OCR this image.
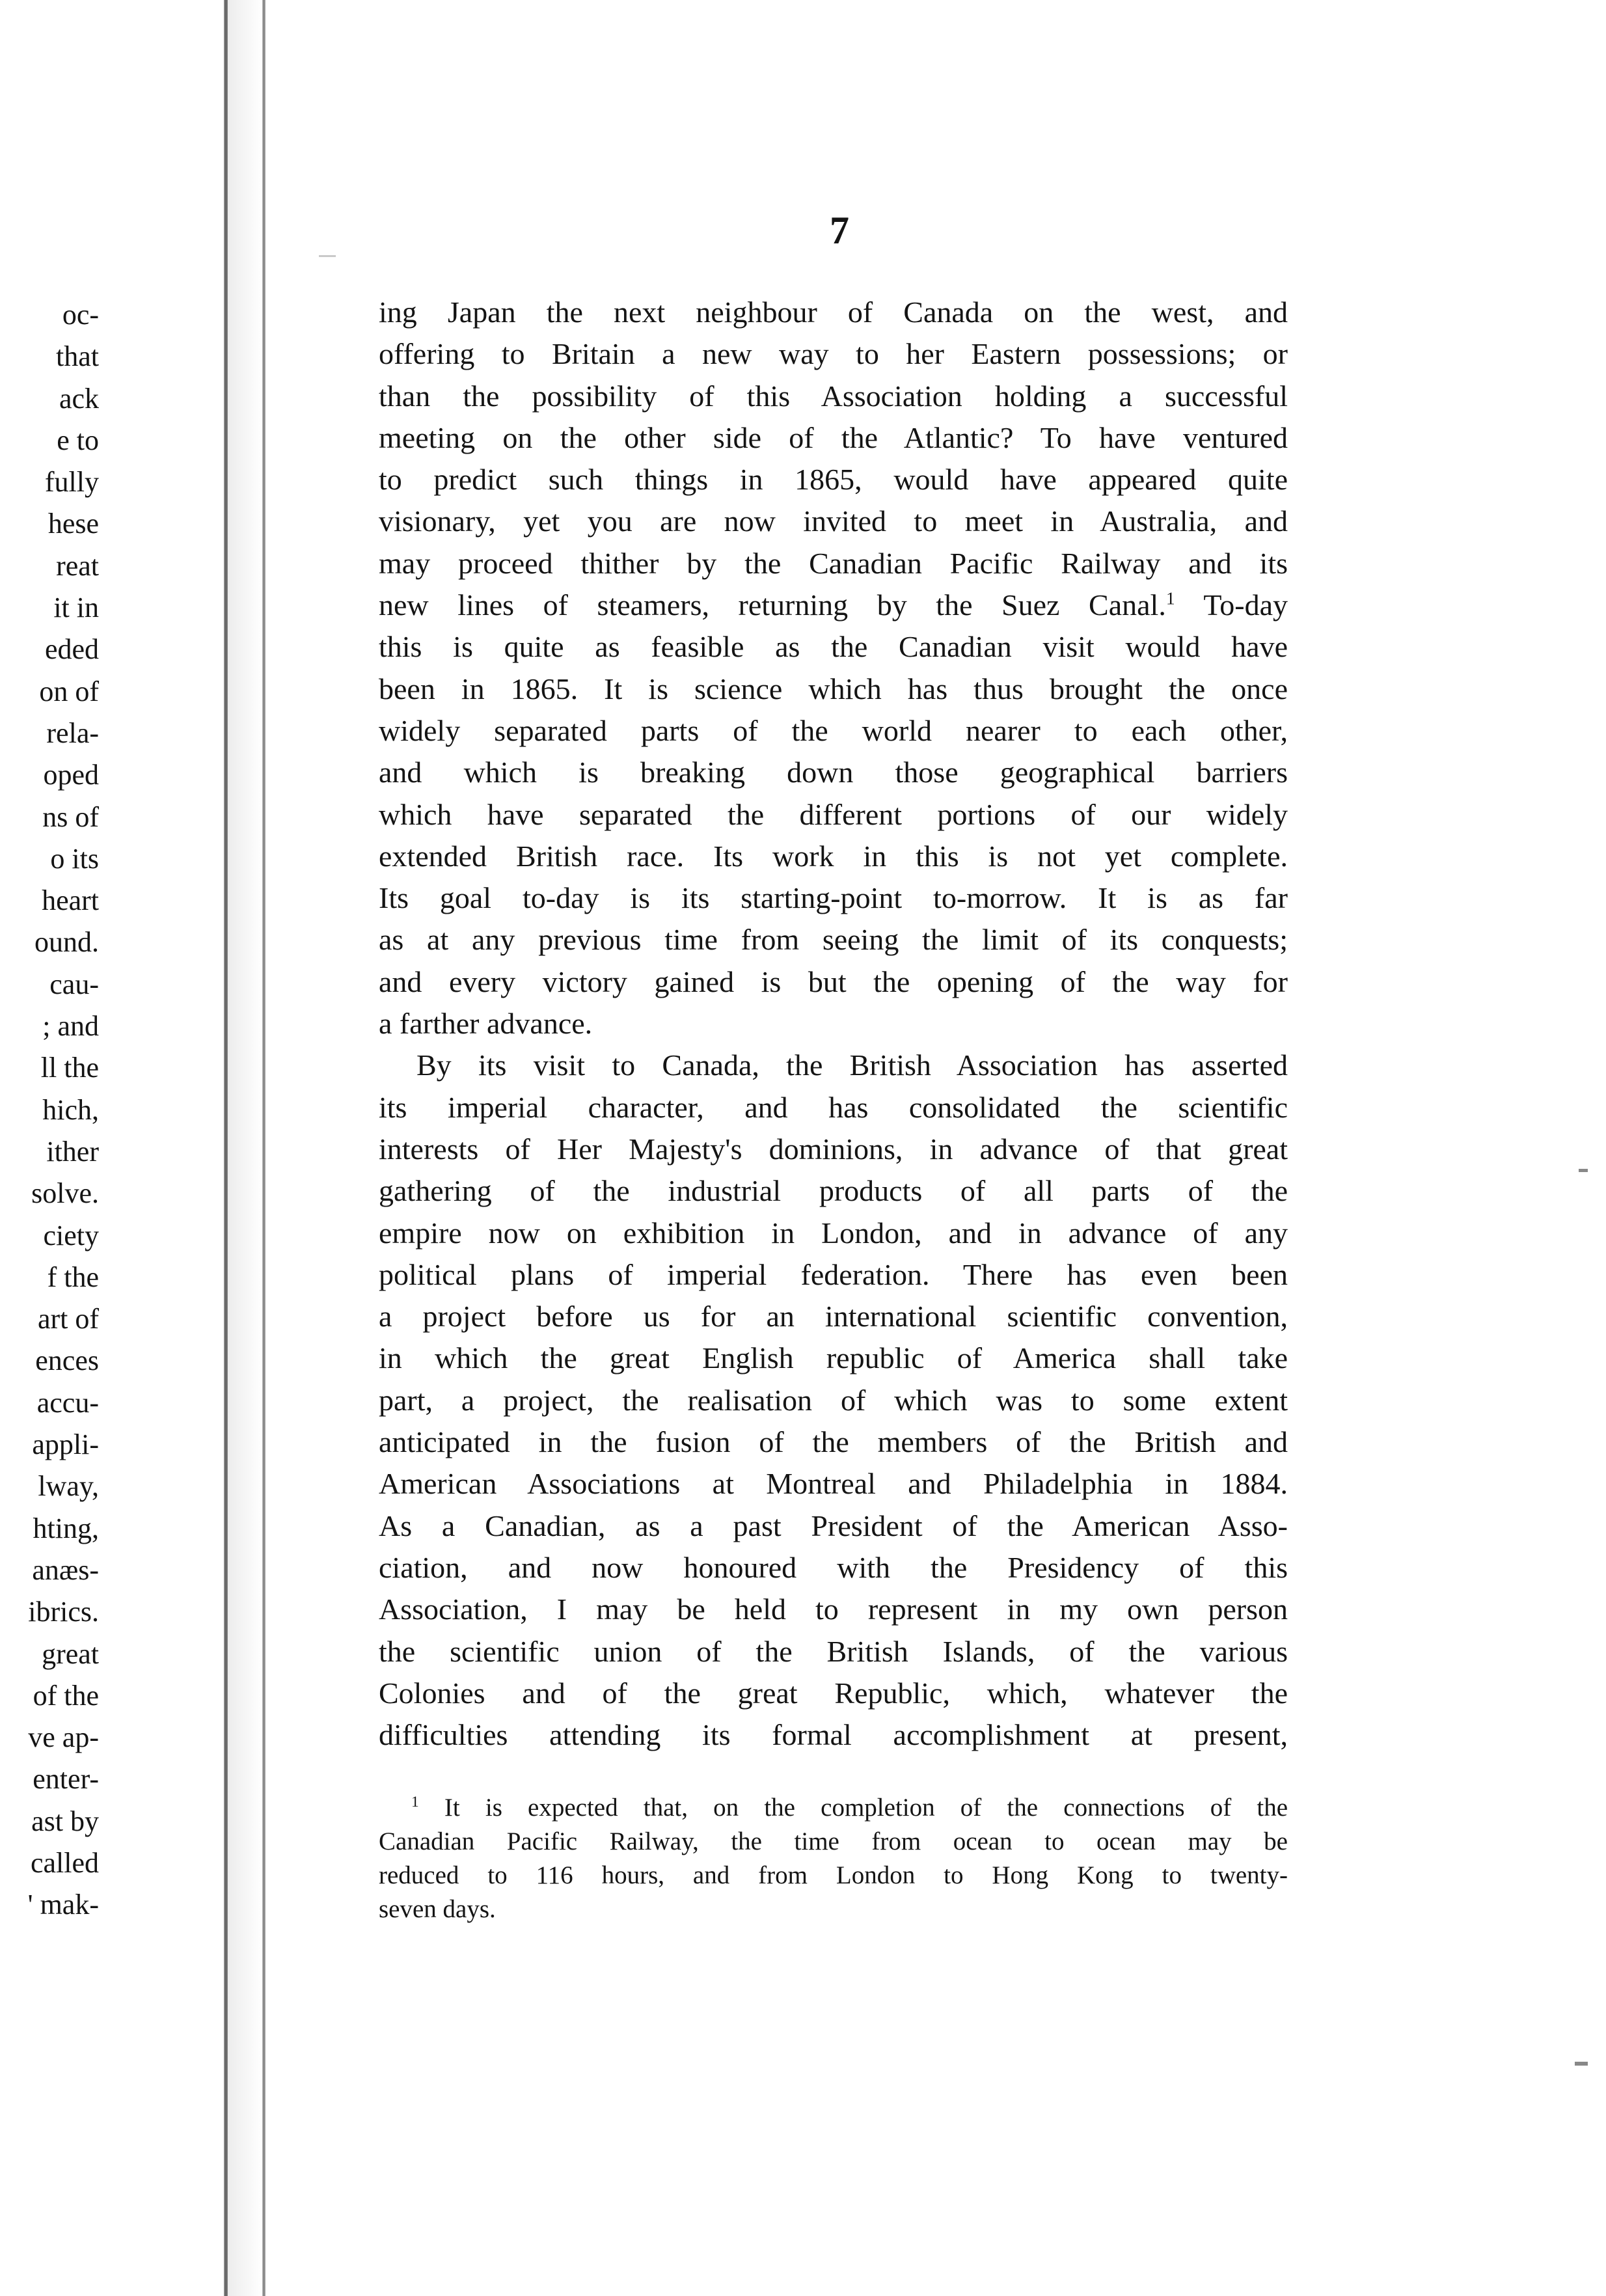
oc-
that
ack
e to
fully
hese
reat
it in
eded
on of
rela-
oped
ns of
o its
heart
ound.
cau-
; and
ll the
hich,
ither
solve.
ciety
f the
art of
ences
accu-
appli-
lway,
hting,
anæs-
ibrics.
great
of the
ve ap-
enter-
ast by
called
' mak-
7
ing Japan the next neighbour of Canada on the west, and
offering to Britain a new way to her Eastern possessions; or
than the possibility of this Association holding a successful
meeting on the other side of the Atlantic? To have ventured
to predict such things in 1865, would have appeared quite
visionary, yet you are now invited to meet in Australia, and
may proceed thither by the Canadian Pacific Railway and its
new lines of steamers, returning by the Suez Canal.$^1$ To-day
this is quite as feasible as the Canadian visit would have
been in 1865. It is science which has thus brought the once
widely separated parts of the world nearer to each other,
and which is breaking down those geographical barriers
which have separated the different portions of our widely
extended British race. Its work in this is not yet complete.
Its goal to-day is its starting-point to-morrow. It is as far
as at any previous time from seeing the limit of its conquests;
and every victory gained is but the opening of the way for
a farther advance.
By its visit to Canada, the British Association has asserted
its imperial character, and has consolidated the scientific
interests of Her Majesty's dominions, in advance of that great
gathering of the industrial products of all parts of the
empire now on exhibition in London, and in advance of any
political plans of imperial federation. There has even been
a project before us for an international scientific convention,
in which the great English republic of America shall take
part, a project, the realisation of which was to some extent
anticipated in the fusion of the members of the British and
American Associations at Montreal and Philadelphia in 1884.
As a Canadian, as a past President of the American Asso-
ciation, and now honoured with the Presidency of this
Association, I may be held to represent in my own person
the scientific union of the British Islands, of the various
Colonies and of the great Republic, which, whatever the
difficulties attending its formal accomplishment at present,
$^1$ It is expected that, on the completion of the connections of the
Canadian Pacific Railway, the time from ocean to ocean may be
reduced to 116 hours, and from London to Hong Kong to twenty-
seven days.
